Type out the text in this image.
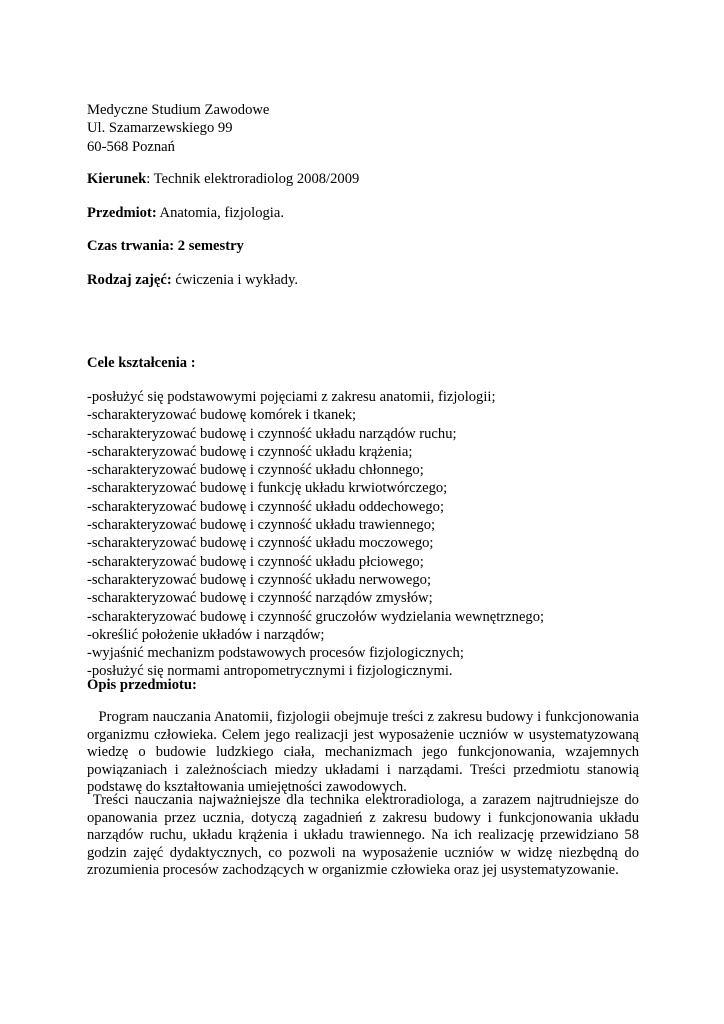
Medyczne Studium Zawodowe
Ul. Szamarzewskiego 99
60-568 Poznań
Kierunek: Technik elektroradiolog 2008/2009
Przedmiot: Anatomia, fizjologia.
Czas trwania: 2 semestry
Rodzaj zajęć: ćwiczenia i wykłady.
Cele kształcenia :
-posłużyć się podstawowymi pojęciami z zakresu anatomii, fizjologii;
-scharakteryzować budowę komórek i tkanek;
-scharakteryzować budowę i czynność układu narządów ruchu;
-scharakteryzować budowę i czynność układu krążenia;
-scharakteryzować budowę i czynność układu chłonnego;
-scharakteryzować budowę i funkcję układu krwiotwórczego;
-scharakteryzować budowę i czynność układu oddechowego;
-scharakteryzować budowę i czynność układu trawiennego;
-scharakteryzować budowę i czynność układu moczowego;
-scharakteryzować budowę i czynność układu płciowego;
-scharakteryzować budowę i czynność układu nerwowego;
-scharakteryzować budowę i czynność narządów zmysłów;
-scharakteryzować budowę i czynność gruczołów wydzielania wewnętrznego;
-określić położenie układów i narządów;
-wyjaśnić mechanizm podstawowych procesów fizjologicznych;
-posłużyć się normami antropometrycznymi i fizjologicznymi.
Opis przedmiotu:

Program nauczania Anatomii, fizjologii obejmuje treści z zakresu budowy i funkcjonowania organizmu człowieka. Celem jego realizacji jest wyposażenie uczniów w usystematyzowaną wiedzę o budowie ludzkiego ciała, mechanizmach jego funkcjonowania, wzajemnych powiązaniach i zależnościach miedzy układami i narządami. Treści przedmiotu stanowią podstawę do kształtowania umiejętności zawodowych.

Treści nauczania najważniejsze dla technika elektroradiologa, a zarazem najtrudniejsze do opanowania przez ucznia, dotyczą zagadnień z zakresu budowy i funkcjonowania układu narządów ruchu, układu krążenia i układu trawiennego. Na ich realizację przewidziano 58 godzin zajęć dydaktycznych, co pozwoli na wyposażenie uczniów w widzę niezbędną do zrozumienia procesów zachodzących w organizmie człowieka oraz jej usystematyzowanie.
